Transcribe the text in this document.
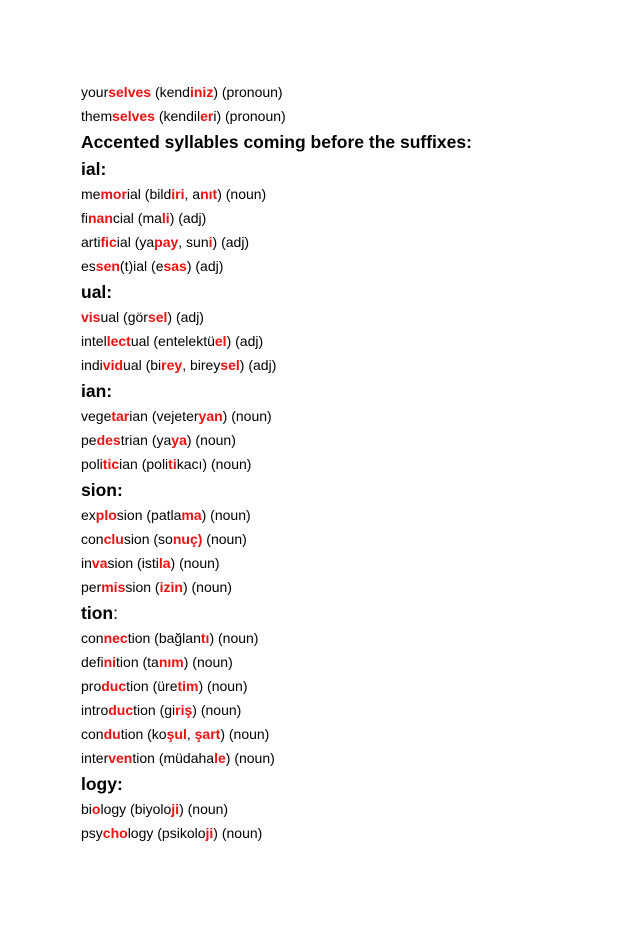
yourselves (kendiniz) (pronoun)
themselves (kendileri) (pronoun)
Accented syllables coming before the suffixes:
ial:
memorial (bildiri, anıt) (noun)
financial (mali) (adj)
artificial (yapay, suni) (adj)
essen(t)ial (esas) (adj)
ual:
visual (görsel) (adj)
intellectual (entelektüel) (adj)
individual (birey, bireysel) (adj)
ian:
vegetarian (vejeteryan) (noun)
pedestrian (yaya) (noun)
politician (politikacı) (noun)
sion:
explosion (patlama) (noun)
conclusion (sonuç) (noun)
invasion (istila) (noun)
permission (izin) (noun)
tion:
connection (bağlantı) (noun)
definition (tanım) (noun)
production (üretim) (noun)
introduction (giriş) (noun)
condution (koşul, şart) (noun)
intervention (müdahale) (noun)
logy:
biology (biyoloji) (noun)
psychology (psikoloji) (noun)
